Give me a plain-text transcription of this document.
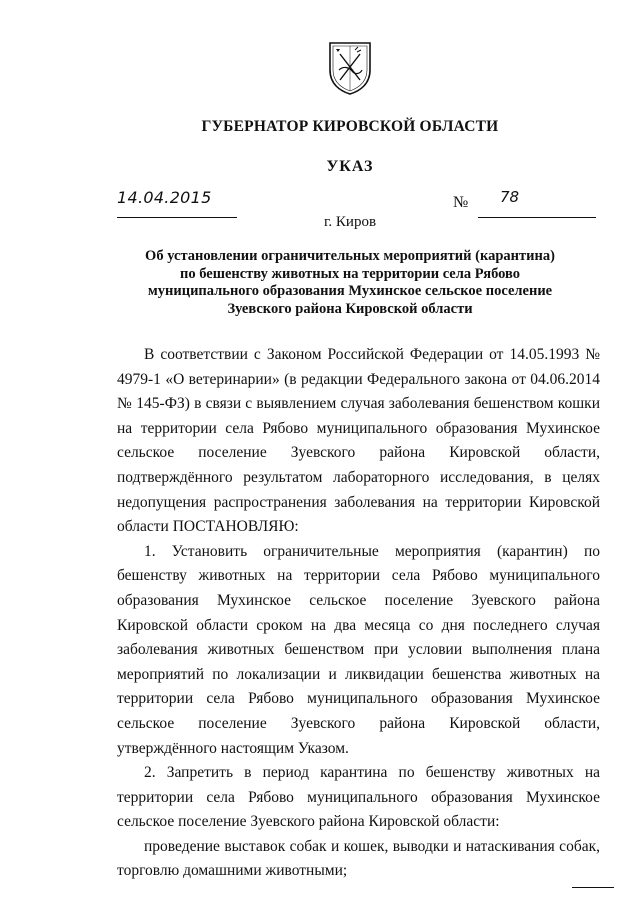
ГУБЕРНАТОР КИРОВСКОЙ ОБЛАСТИ
УКАЗ
14.04.2015	№ 78
г. Киров
Об установлении ограничительных мероприятий (карантина)
по бешенству животных на территории села Рябово
муниципального образования Мухинское сельское поселение
Зуевского района Кировской области

В соответствии с Законом Российской Федерации от 14.05.1993 № 4979-1 «О ветеринарии» (в редакции Федерального закона от 04.06.2014 № 145-ФЗ) в связи с выявлением случая заболевания бешенством кошки на территории села Рябово муниципального образования Мухинское сельское поселение Зуевского района Кировской области, подтверждённого результатом лабораторного исследования, в целях недопущения распространения заболевания на территории Кировской области ПОСТАНОВЛЯЮ:

1. Установить ограничительные мероприятия (карантин) по бешенству животных на территории села Рябово муниципального образования Мухинское сельское поселение Зуевского района Кировской области сроком на два месяца со дня последнего случая заболевания животных бешенством при условии выполнения плана мероприятий по локализации и ликвидации бешенства животных на территории села Рябово муниципального образования Мухинское сельское поселение Зуевского района Кировской области, утверждённого настоящим Указом.

2. Запретить в период карантина по бешенству животных на территории села Рябово муниципального образования Мухинское сельское поселение Зуевского района Кировской области:

проведение выставок собак и кошек, выводки и натаскивания собак, торговлю домашними животными;
